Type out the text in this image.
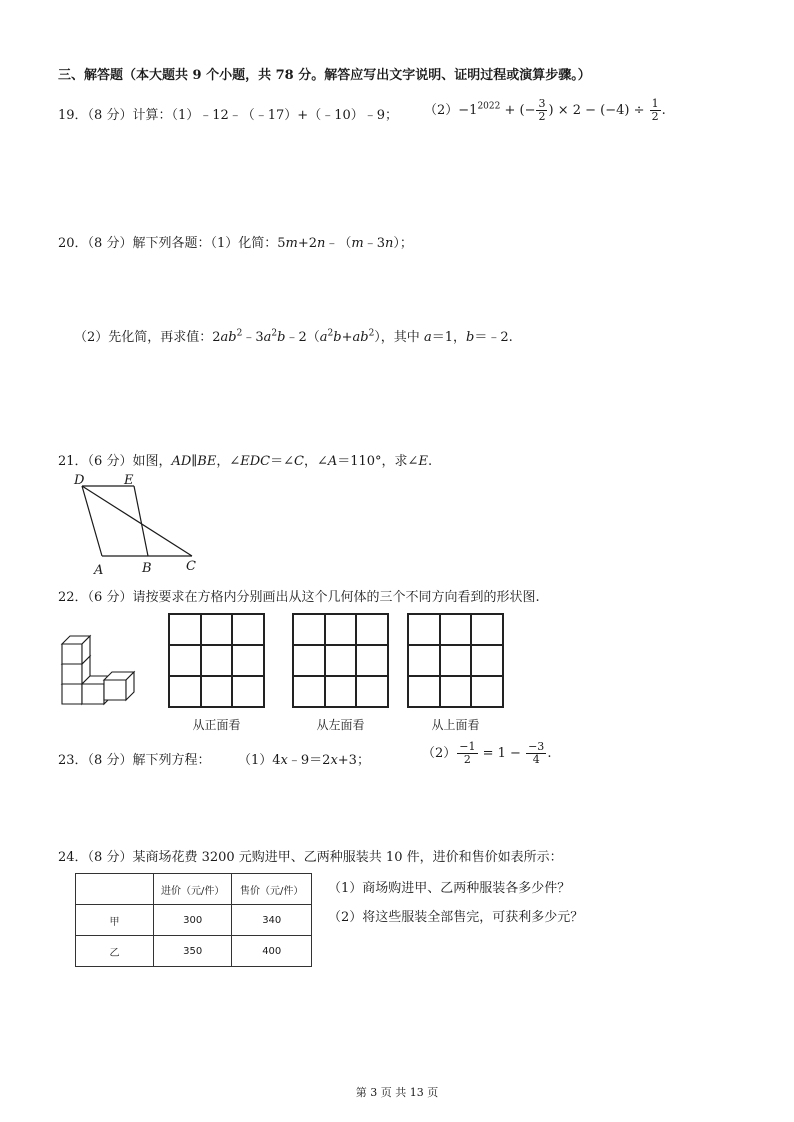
三、解答题（本大题共 9 个小题，共 78 分。解答应写出文字说明、证明过程或演算步骤。）
19．（8 分）计算：（1）﹣12﹣（﹣17）+（﹣10）﹣9； $(2)-1^{2022}$ + (− $\frac{3}{2}$ ) × $2 - (-4) \div \frac{1}{2}$ .
20．（8 分）解下列各题：（1）化简：5m+2n﹣（m﹣3n）；
（2）先化简，再求值：$2ab^2﹣3a^2b﹣2(a^2b+ab^2)$，其中 a＝1，b＝﹣2.
21．（6 分）如图，AD∥BE，∠EDC＝∠C，∠A＝110°，求∠E.
D	E
A	B	C
22．（6 分）请按要求在方格内分别画出从这个几何体的三个不同方向看到的形状图.
从正面看	从左面看	从上面看
23．（8 分）解下列方程： （1）4x﹣9＝2x+3；	$(2) \frac{-1}{2} = 1 - \frac{-3}{4}$ .
24．（8 分）某商场花费 3200 元购进甲、乙两种服装共 10 件，进价和售价如表所示：
	进价（元/件）	售价（元/件）
甲	300	340
乙	350	400
（1）商场购进甲、乙两种服装各多少件？
（2）将这些服装全部售完，可获利多少元？
第 3 页 共 13 页
